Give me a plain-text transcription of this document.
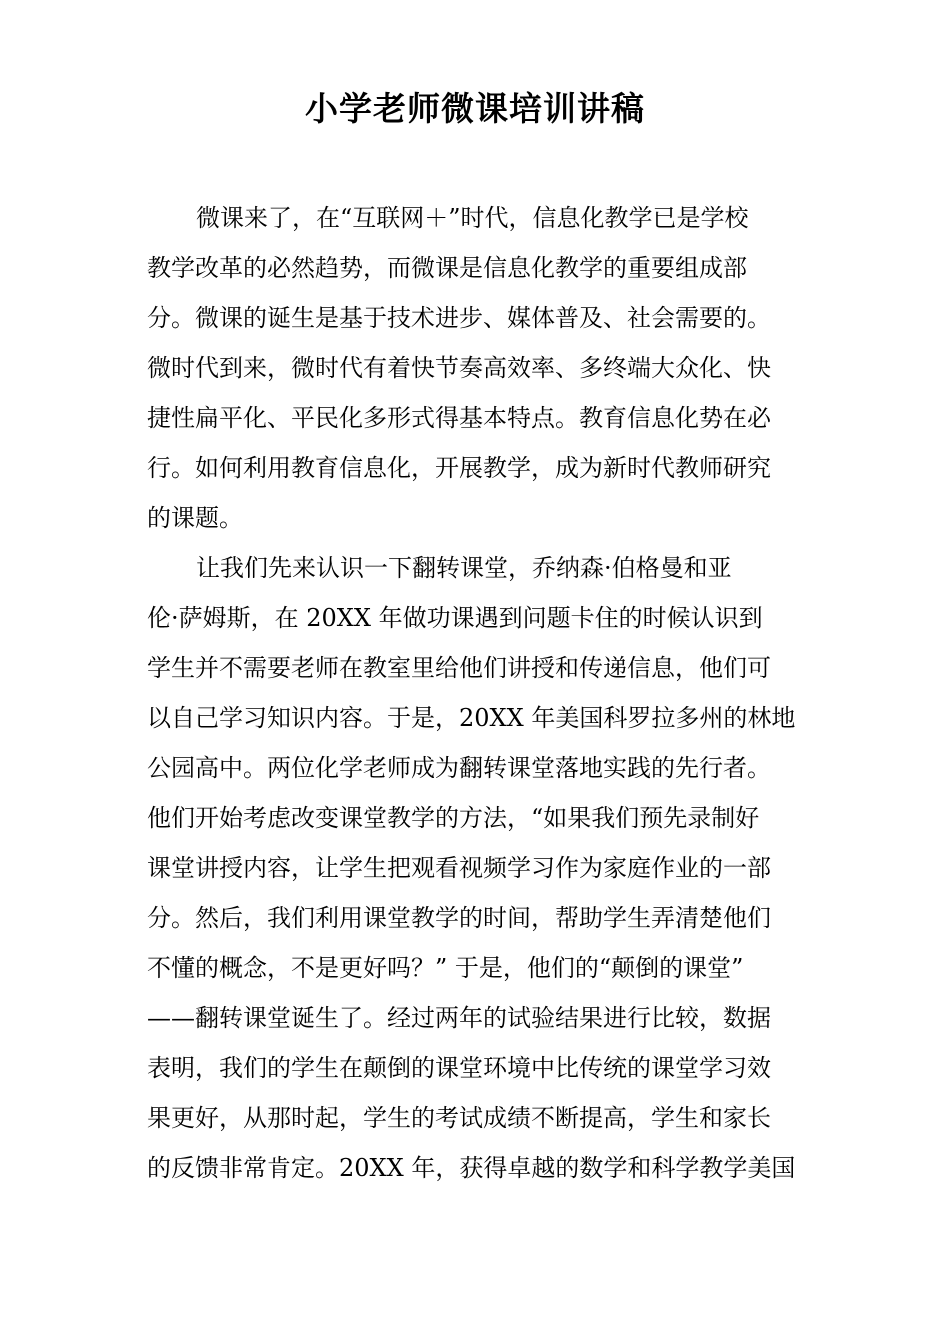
小学老师微课培训讲稿
微课来了，在“互联网＋”时代，信息化教学已是学校
教学改革的必然趋势，而微课是信息化教学的重要组成部
分。微课的诞生是基于技术进步、媒体普及、社会需要的。
微时代到来，微时代有着快节奏高效率、多终端大众化、快
捷性扁平化、平民化多形式得基本特点。教育信息化势在必
行。如何利用教育信息化，开展教学，成为新时代教师研究
的课题。
让我们先来认识一下翻转课堂，乔纳森·伯格曼和亚
伦·萨姆斯，在 20XX 年做功课遇到问题卡住的时候认识到
学生并不需要老师在教室里给他们讲授和传递信息，他们可
以自己学习知识内容。于是，20XX 年美国科罗拉多州的林地
公园高中。两位化学老师成为翻转课堂落地实践的先行者。
他们开始考虑改变课堂教学的方法，“如果我们预先录制好
课堂讲授内容，让学生把观看视频学习作为家庭作业的一部
分。然后，我们利用课堂教学的时间，帮助学生弄清楚他们
不懂的概念，不是更好吗？” 于是，他们的“颠倒的课堂”
——翻转课堂诞生了。经过两年的试验结果进行比较，数据
表明，我们的学生在颠倒的课堂环境中比传统的课堂学习效
果更好，从那时起，学生的考试成绩不断提高，学生和家长
的反馈非常肯定。20XX 年，获得卓越的数学和科学教学美国
